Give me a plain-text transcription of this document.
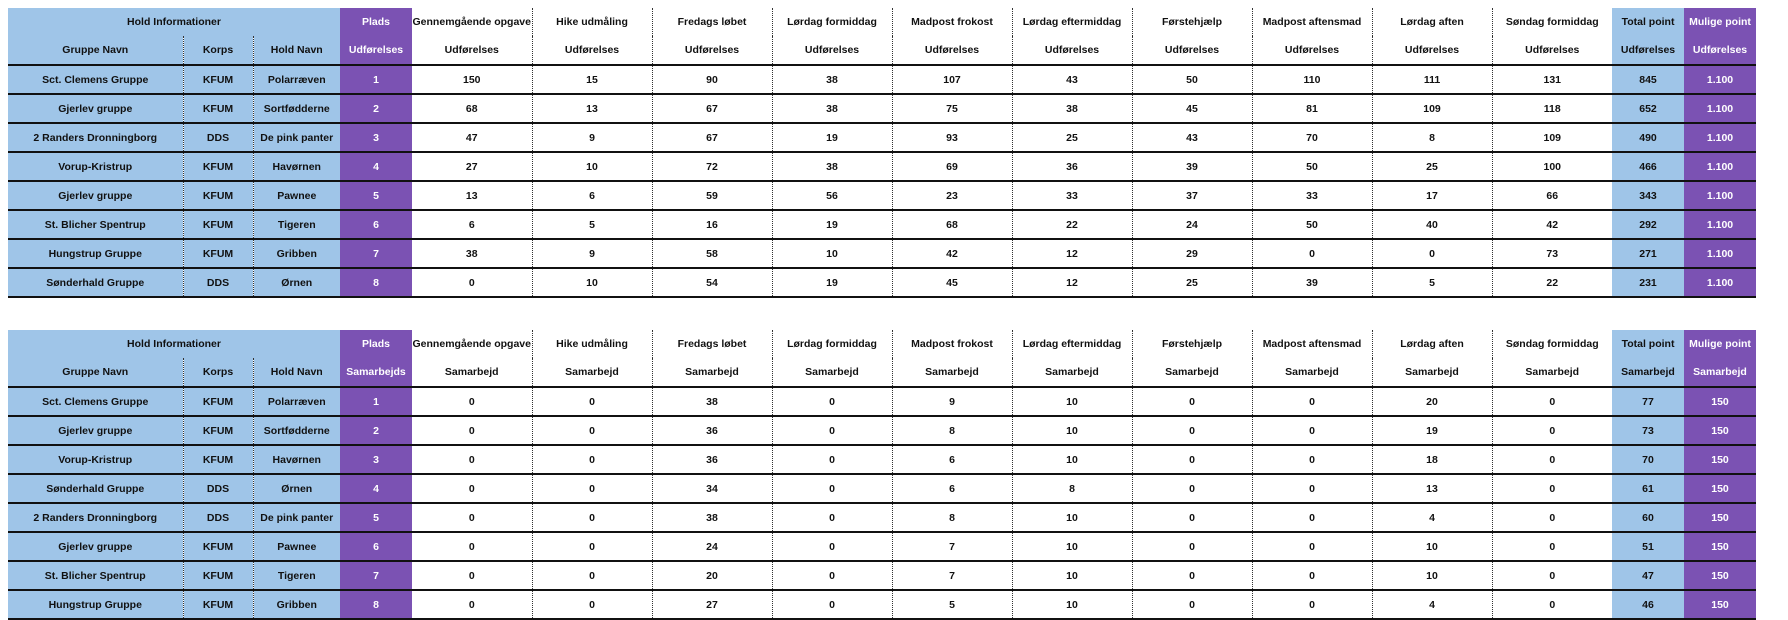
Hold Informationer			Plads	Gennemgående opgave	Hike udmåling	Fredags løbet	Lørdag formiddag	Madpost frokost	Lørdag eftermiddag	Førstehjælp	Madpost aftensmad	Lørdag aften	Søndag formiddag	Total point	Mulige point
Gruppe Navn	Korps	Hold Navn	Udførelses	Udførelses	Udførelses	Udførelses	Udførelses	Udførelses	Udførelses	Udførelses	Udførelses	Udførelses	Udførelses	Udførelses	Udførelses
Sct. Clemens Gruppe	KFUM	Polarræven	1	150	15	90	38	107	43	50	110	111	131	845	1.100
Gjerlev gruppe	KFUM	Sortfødderne	2	68	13	67	38	75	38	45	81	109	118	652	1.100
2 Randers Dronningborg	DDS	De pink panter	3	47	9	67	19	93	25	43	70	8	109	490	1.100
Vorup-Kristrup	KFUM	Havørnen	4	27	10	72	38	69	36	39	50	25	100	466	1.100
Gjerlev gruppe	KFUM	Pawnee	5	13	6	59	56	23	33	37	33	17	66	343	1.100
St. Blicher Spentrup	KFUM	Tigeren	6	6	5	16	19	68	22	24	50	40	42	292	1.100
Hungstrup Gruppe	KFUM	Gribben	7	38	9	58	10	42	12	29	0	0	73	271	1.100
Sønderhald Gruppe	DDS	Ørnen	8	0	10	54	19	45	12	25	39	5	22	231	1.100
Hold Informationer			Plads	Gennemgående opgave	Hike udmåling	Fredags løbet	Lørdag formiddag	Madpost frokost	Lørdag eftermiddag	Førstehjælp	Madpost aftensmad	Lørdag aften	Søndag formiddag	Total point	Mulige point
Gruppe Navn	Korps	Hold Navn	Samarbejds	Samarbejd	Samarbejd	Samarbejd	Samarbejd	Samarbejd	Samarbejd	Samarbejd	Samarbejd	Samarbejd	Samarbejd	Samarbejd	Samarbejd
Sct. Clemens Gruppe	KFUM	Polarræven	1	0	0	38	0	9	10	0	0	20	0	77	150
Gjerlev gruppe	KFUM	Sortfødderne	2	0	0	36	0	8	10	0	0	19	0	73	150
Vorup-Kristrup	KFUM	Havørnen	3	0	0	36	0	6	10	0	0	18	0	70	150
Sønderhald Gruppe	DDS	Ørnen	4	0	0	34	0	6	8	0	0	13	0	61	150
2 Randers Dronningborg	DDS	De pink panter	5	0	0	38	0	8	10	0	0	4	0	60	150
Gjerlev gruppe	KFUM	Pawnee	6	0	0	24	0	7	10	0	0	10	0	51	150
St. Blicher Spentrup	KFUM	Tigeren	7	0	0	20	0	7	10	0	0	10	0	47	150
Hungstrup Gruppe	KFUM	Gribben	8	0	0	27	0	5	10	0	0	4	0	46	150
